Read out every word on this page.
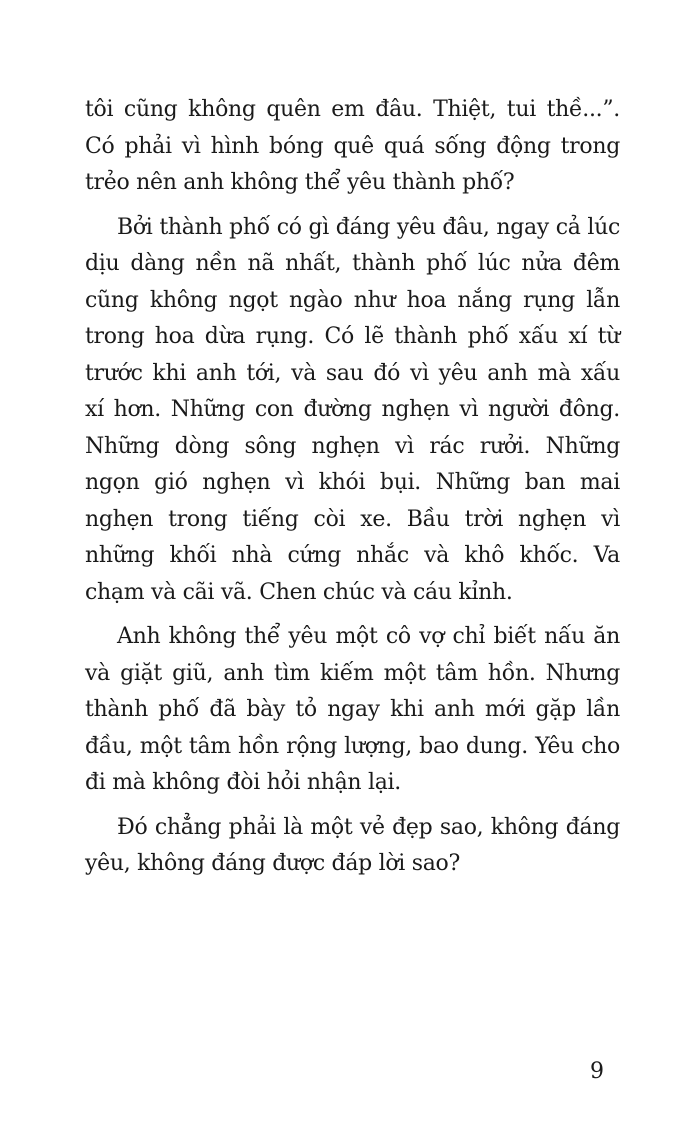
tôi cũng không quên em đâu. Thiệt, tui thề...”.
Có phải vì hình bóng quê quá sống động trong
trẻo nên anh không thể yêu thành phố?
Bởi thành phố có gì đáng yêu đâu, ngay cả lúc
dịu dàng nền nã nhất, thành phố lúc nửa đêm
cũng không ngọt ngào như hoa nắng rụng lẫn
trong hoa dừa rụng. Có lẽ thành phố xấu xí từ
trước khi anh tới, và sau đó vì yêu anh mà xấu
xí hơn. Những con đường nghẹn vì người đông.
Những dòng sông nghẹn vì rác rưởi. Những
ngọn gió nghẹn vì khói bụi. Những ban mai
nghẹn trong tiếng còi xe. Bầu trời nghẹn vì
những khối nhà cứng nhắc và khô khốc. Va
chạm và cãi vã. Chen chúc và cáu kỉnh.
Anh không thể yêu một cô vợ chỉ biết nấu ăn
và giặt giũ, anh tìm kiếm một tâm hồn. Nhưng
thành phố đã bày tỏ ngay khi anh mới gặp lần
đầu, một tâm hồn rộng lượng, bao dung. Yêu cho
đi mà không đòi hỏi nhận lại.
Đó chẳng phải là một vẻ đẹp sao, không đáng
yêu, không đáng được đáp lời sao?
9
